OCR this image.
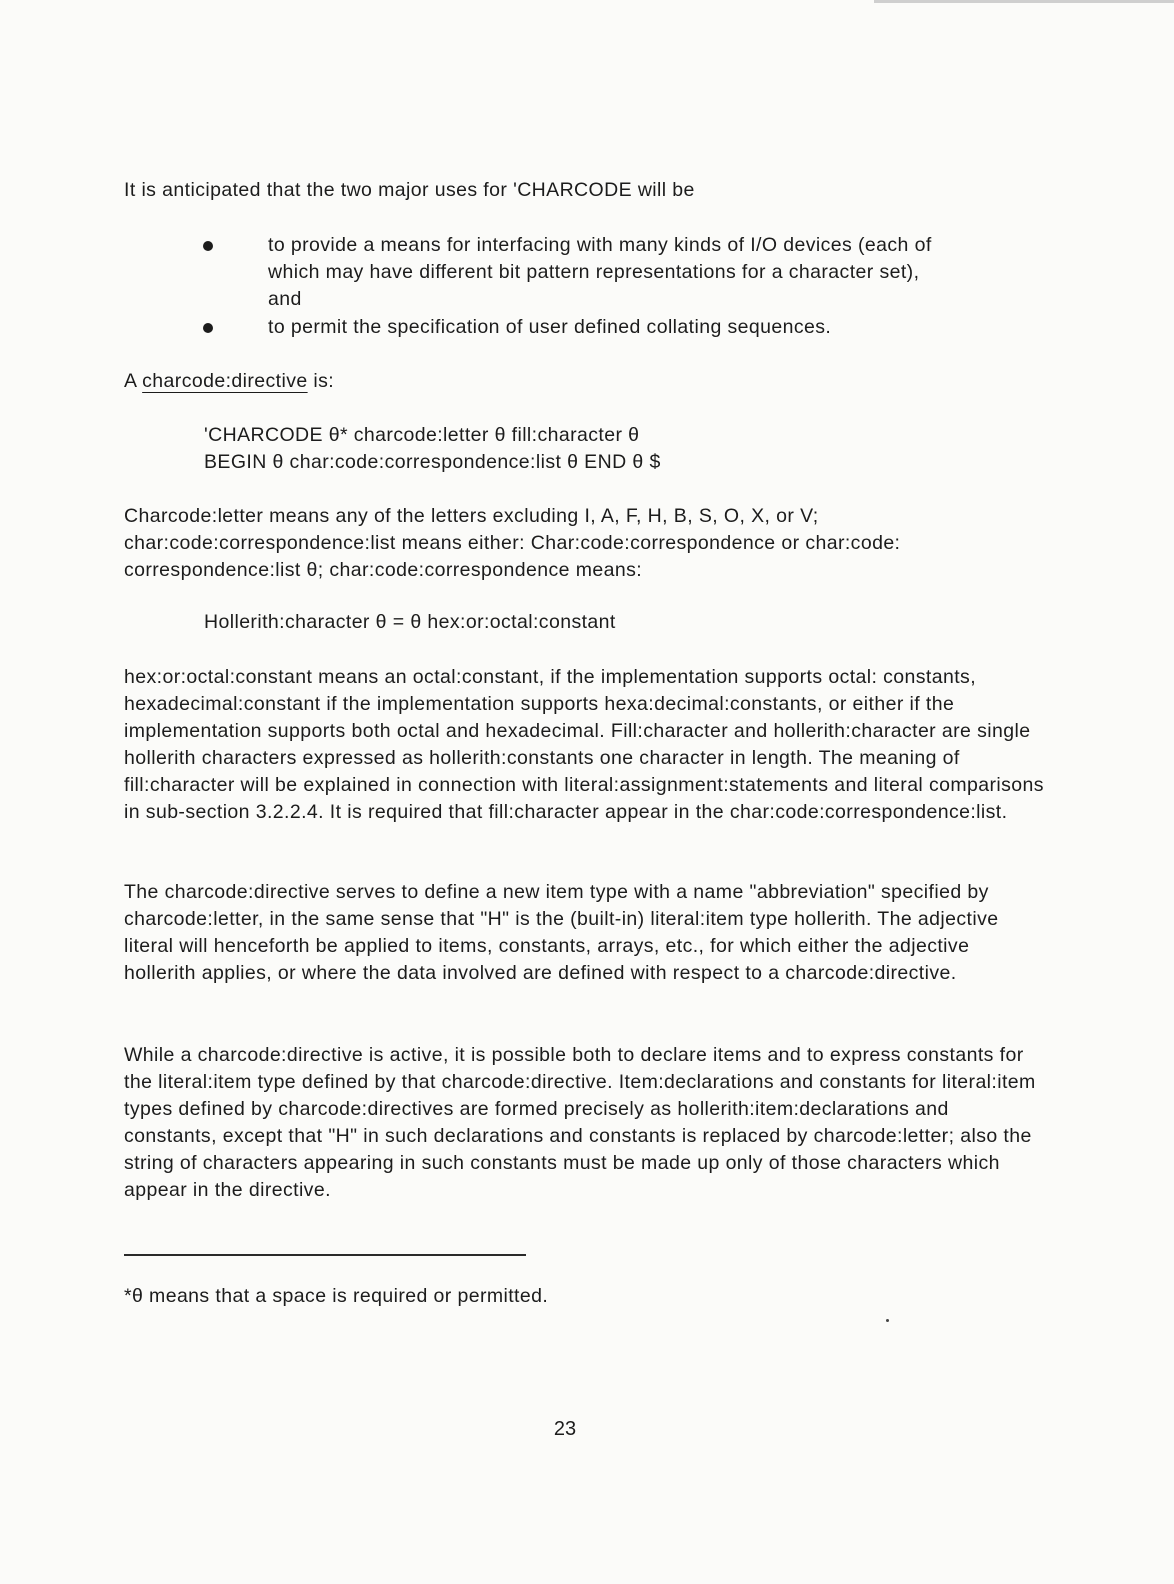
It is anticipated that the two major uses for 'CHARCODE will be
to provide a means for interfacing with many kinds of I/O devices (each of which may have different bit pattern representations for a character set), and
to permit the specification of user defined collating sequences.
A charcode:directive is:
'CHARCODE θ* charcode:letter θ fill:character θ
BEGIN θ char:code:correspondence:list θ END θ $
Charcode:letter means any of the letters excluding I, A, F, H, B, S, O, X, or V; char:code:correspondence:list means either: Char:code:correspondence or char:code: correspondence:list θ; char:code:correspondence means:
Hollerith:character θ = θ hex:or:octal:constant
hex:or:octal:constant means an octal:constant, if the implementation supports octal: constants, hexadecimal:constant if the implementation supports hexa:decimal:constants, or either if the implementation supports both octal and hexadecimal. Fill:character and hollerith:character are single hollerith characters expressed as hollerith:constants one character in length. The meaning of fill:character will be explained in connection with literal:assignment:statements and literal comparisons in sub-section 3.2.2.4. It is required that fill:character appear in the char:code:correspondence:list.
The charcode:directive serves to define a new item type with a name "abbreviation" specified by charcode:letter, in the same sense that "H" is the (built-in) literal:item type hollerith. The adjective literal will henceforth be applied to items, constants, arrays, etc., for which either the adjective hollerith applies, or where the data involved are defined with respect to a charcode:directive.
While a charcode:directive is active, it is possible both to declare items and to express constants for the literal:item type defined by that charcode:directive. Item:declarations and constants for literal:item types defined by charcode:directives are formed precisely as hollerith:item:declarations and constants, except that "H" in such declarations and constants is replaced by charcode:letter; also the string of characters appearing in such constants must be made up only of those characters which appear in the directive.
*θ means that a space is required or permitted.
23
